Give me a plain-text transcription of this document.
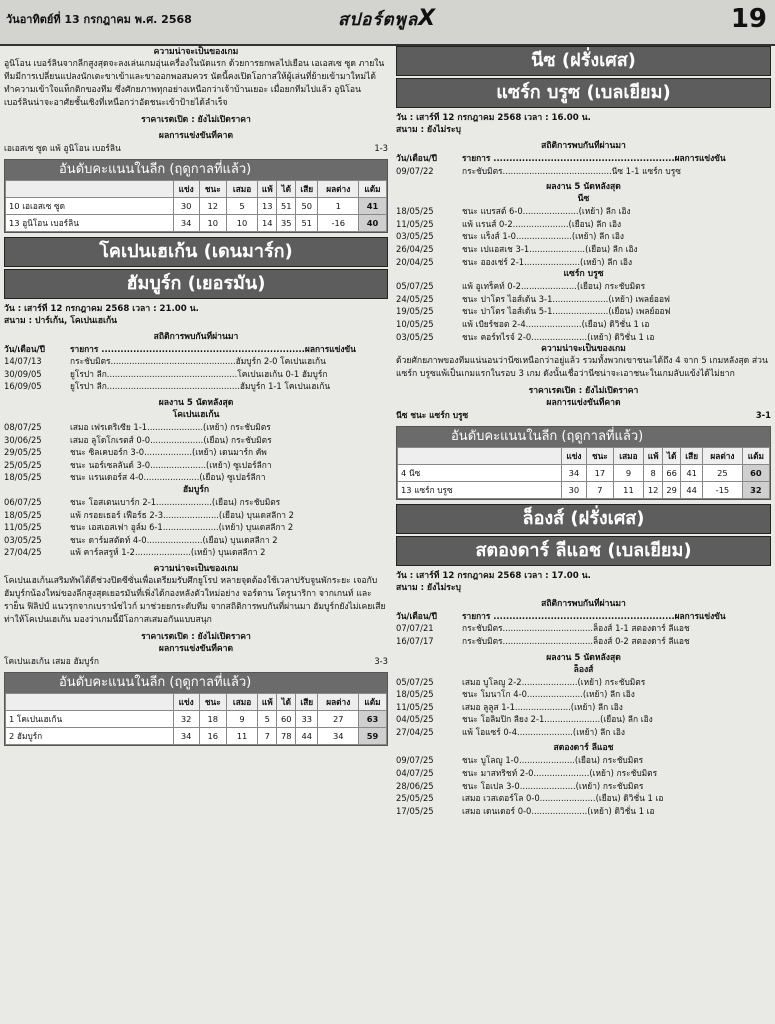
วันอาทิตย์ที่ 13 กรกฎาคม พ.ศ. 2568	สปอร์ตพูลX	19
ความน่าจะเป็นของเกม
อูนิโอน เบอร์ลินจากลีกสูงสุดจะลงเล่นเกมอุ่นเครื่องในนัดแรก ด้วยการยกพลไปเยือน เอเอสเซ ซูด ภายในทีมมีการเปลี่ยนแปลงนักเตะขาเข้าและขาออกพอสมควร นัดนี้คงเปิดโอกาสให้ผู้เล่นที่ย้ายเข้ามาใหม่ได้ทำความเข้าใจแท็กติกของทีม ซึ่งศักยภาพทุกอย่างเหนือกว่าเจ้าบ้านเยอะ เมื่อยกทีมไปแล้ว อูนิโอน เบอร์ลินน่าจะอาศัยชั้นเชิงที่เหนือกว่าอัดชนะเข้าป้ายได้ลำเร็จ
ราคาเรตเปิด : ยังไม่เปิดราคา
ผลการแข่งขันที่คาด
เอเอสเซ ซูด แพ้ อูนิโอน เบอร์ลิน	1-3
อันดับคะแนนในลีก (ฤดูกาลที่แล้ว)
	แข่ง	ชนะ	เสมอ	แพ้	ได้	เสีย	ผลต่าง	แต้ม
10 เอเอสเซ ซูด	30	12	5	13	51	50	1	41
13 อูนิโอน เบอร์ลิน	34	10	10	14	35	51	-16	40
โคเปนเฮเก้น (เดนมาร์ก)
ฮัมบูร์ก (เยอรมัน)
วัน : เสาร์ที่ 12 กรกฎาคม 2568 เวลา : 21.00 น.
สนาม : ปาร์เก้น, โคเปนเฮเก้น
สถิติการพบกันที่ผ่านมา
วัน/เดือน/ปี	รายการ ................................................................ผลการแข่งขัน
14/07/13	กระชับมิตร...............................................ฮัมบูร์ก 2-0 โคเปนเฮเก้น
30/09/05	ยูโรปา ลีก.................................................โคเปนเฮเก้น 0-1 ฮัมบูร์ก
16/09/05	ยูโรปา ลีก..................................................ฮัมบูร์ก 1-1 โคเปนเฮเก้น
ผลงาน 5 นัดหลังสุด
โคเปนเฮเก้น
08/07/25	เสมอ เฟรเดริเซีย 1-1.....................(เหย้า) กระชับมิตร
30/06/25	เสมอ ลูโดโกเรตส์ 0-0....................(เยือน) กระชับมิตร
29/05/25	ชนะ ซิลเคบอร์ก 3-0..................(เหย้า) เดนมาร์ก คัพ
25/05/25	ชนะ นอร์เซลลันด์ 3-0.....................(เหย้า) ซูเปอร์ลีกา
18/05/25	ชนะ แรนเดอร์ส 4-0.....................(เยือน) ซูเปอร์ลีกา
ฮัมบูร์ก
06/07/25	ชนะ โอสเตนเบาร์ก 2-1.....................(เยือน) กระชับมิตร
18/05/25	แพ้ กรอยเธอร์ เฟือร์ธ 2-3.....................(เยือน) บุนเดสลีกา 2
11/05/25	ชนะ เอสเอสเฟา อูล์ม 6-1.....................(เหย้า) บุนเดสลีกา 2
03/05/25	ชนะ ดาร์มสตัดท์ 4-0.....................(เยือน) บุนเดสลีกา 2
27/04/25	แพ้ คาร์ลสรูห์ 1-2.....................(เหย้า) บุนเดสลีกา 2
ความน่าจะเป็นของเกม
โคเปนเฮเก้นเสริมทัพได้ดีช่วงปิดซีซั่นเพื่อเตรียมรับศึกยูโรป หลายจุดต้องใช้เวลาปรับจูนพักระยะ เจอกับฮัมบูร์กน้องใหม่ของลีกสูงสุดเยอรมันที่เพิ่งได้กองหลังตัวใหม่อย่าง จอร์ดาน โตรูนาริกา จากเกนท์ และ ราย็น ฟิลิปป์ แนวรุกจากเบราน์ชไวก์ มาช่วยยกระดับทีม จากสถิติการพบกันที่ผ่านมา ฮัมบูร์กยังไม่เคยเสียท่าให้โคเปนเฮเก้น มองว่าเกมนี้มีโอกาสเสมอกันแบบสนุก
ราคาเรตเปิด : ยังไม่เปิดราคา
ผลการแข่งขันที่คาด
โคเปนเฮเก้น เสมอ ฮัมบูร์ก	3-3
อันดับคะแนนในลีก (ฤดูกาลที่แล้ว)
	แข่ง	ชนะ	เสมอ	แพ้	ได้	เสีย	ผลต่าง	แต้ม
1 โคเปนเฮเก้น	32	18	9	5	60	33	27	63
2 ฮัมบูร์ก	34	16	11	7	78	44	34	59
นีซ (ฝรั่งเศส)
แซร์ก บรูซ (เบลเยียม)
วัน : เสาร์ที่ 12 กรกฎาคม 2568 เวลา : 16.00 น.
สนาม : ยังไม่ระบุ
สถิติการพบกันที่ผ่านมา
วัน/เดือน/ปี	รายการ .........................................................ผลการแข่งขัน
09/07/22	กระชับมิตร.........................................นีซ 1-1 แซร์ก บรูซ
ผลงาน 5 นัดหลังสุด
นีซ
18/05/25	ชนะ แบรสต์ 6-0.....................(เหย้า) ลีก เอิง
11/05/25	แพ้ แรนส์ 0-2.....................(เยือน) ลีก เอิง
03/05/25	ชนะ แร็งส์ 1-0.....................(เหย้า) ลีก เอิง
26/04/25	ชนะ เปแอสเช 3-1.....................(เยือน) ลีก เอิง
20/04/25	ชนะ อองเช่ร์ 2-1.....................(เหย้า) ลีก เอิง
แซร์ก บรูซ
05/07/25	แพ้ อูเทร็คท์ 0-2.....................(เยือน) กระชับมิตร
24/05/25	ชนะ ปาโตร ไอส์เด้น 3-1.....................(เหย้า) เพลย์ออฟ
19/05/25	ชนะ ปาโตร ไอส์เด้น 5-1.....................(เยือน) เพลย์ออฟ
10/05/25	แพ้ เบียร์ชอต 2-4.....................(เยือน) ดิวิชั่น 1 เอ
03/05/25	ชนะ คอร์ทไรจ์ 2-0.....................(เหย้า) ดิวิชั่น 1 เอ
ความน่าจะเป็นของเกม
ด้วยศักยภาพของทีมแน่นอนว่านีซเหนือกว่าอยู่แล้ว รวมทั้งพวกเขาชนะได้ถึง 4 จาก 5 เกมหลังสุด ส่วนแซร์ก บรูซแพ้เป็นเกมแรกในรอบ 3 เกม ดังนั้นเชื่อว่านีซน่าจะเอาชนะในเกมลับแข้งได้ไม่ยาก
ราคาเรตเปิด : ยังไม่เปิดราคา
ผลการแข่งขันที่คาด
นีซ ชนะ แซร์ก บรูซ	3-1
อันดับคะแนนในลีก (ฤดูกาลที่แล้ว)
	แข่ง	ชนะ	เสมอ	แพ้	ได้	เสีย	ผลต่าง	แต้ม
4 นีซ	34	17	9	8	66	41	25	60
13 แซร์ก บรูซ	30	7	11	12	29	44	-15	32
ล็องส์ (ฝรั่งเศส)
สตองดาร์ ลีแอช (เบลเยียม)
วัน : เสาร์ที่ 12 กรกฎาคม 2568 เวลา : 17.00 น.
สนาม : ยังไม่ระบุ
สถิติการพบกันที่ผ่านมา
วัน/เดือน/ปี	รายการ .........................................................ผลการแข่งขัน
07/07/21	กระชับมิตร..................................ล็องส์ 1-1 สตองดาร์ ลีแอช
16/07/17	กระชับมิตร..................................ล็องส์ 0-2 สตองดาร์ ลีแอช
ผลงาน 5 นัดหลังสุด
ล็องส์
05/07/25	เสมอ บูโลญู 2-2.....................(เหย้า) กระชับมิตร
18/05/25	ชนะ โมนาโก 4-0.....................(เหย้า) ลีก เอิง
11/05/25	เสมอ ลูลูส 1-1.....................(เหย้า) ลีก เอิง
04/05/25	ชนะ โอลิมปิก ลียง 2-1.....................(เยือน) ลีก เอิง
27/04/25	แพ้ โอแซร์ 0-4.....................(เหย้า) ลีก เอิง
สตองดาร์ ลีแอช
09/07/25	ชนะ บูโลญู 1-0.....................(เยือน) กระชับมิตร
04/07/25	ชนะ มาสทริชท์ 2-0.....................(เหย้า) กระชับมิตร
28/06/25	ชนะ โอเปล 3-0.....................(เหย้า) กระชับมิตร
25/05/25	เสมอ เวสเตอร์โล 0-0.....................(เยือน) ดิวิชั่น 1 เอ
17/05/25	เสมอ เดนเดอร์ 0-0.....................(เหย้า) ดิวิชั่น 1 เอ
